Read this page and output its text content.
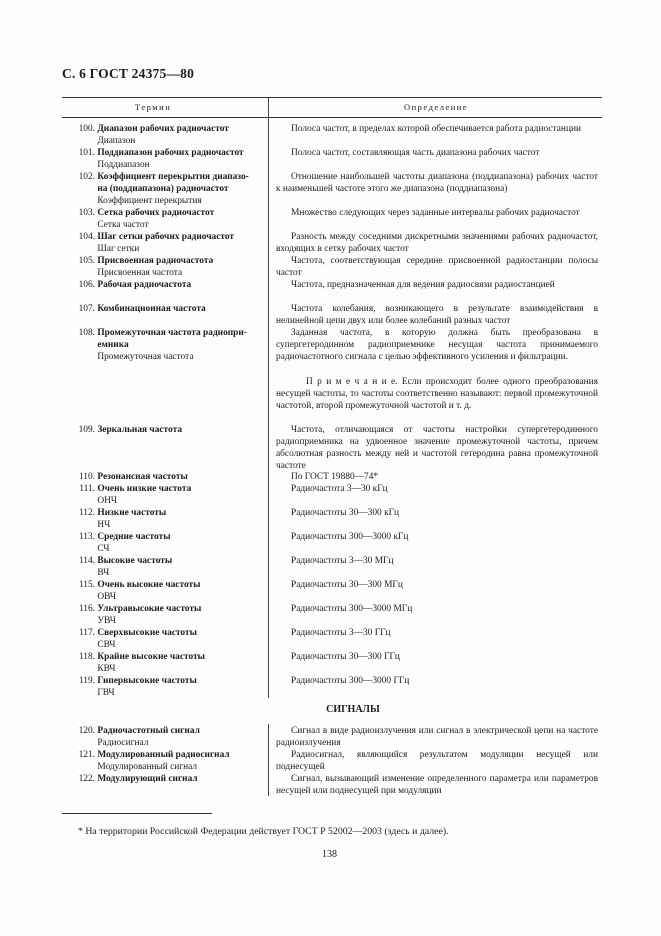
С. 6 ГОСТ 24375—80
Термин	Определение
100. Диапазон рабочих радиочастот
Диапазон
101. Поддиапазон рабочих радиочастот
Поддиапазон
102. Коэффициент перекрытия диапазо-
на (поддиапазона) радиочастот
Коэффициент перекрытия
103. Сетка рабочих радиочастот
Сетка частот
104. Шаг сетки рабочих радиочастот
Шаг сетки
105. Присвоенная радиочастота
Присвоенная частота
106. Рабочая радиочастота
107. Комбинационная частота
108. Промежуточная частота радиопри-
емника
Промежуточная частота
109. Зеркальная частота
110. Резонансная частоты
111. Очень низкие частота
ОНЧ
112. Низкие частоты
НЧ
113. Средние частоты
СЧ
114. Высокие частоты
ВЧ
115. Очень высокие частоты
ОВЧ
116. Ультравысокие частоты
УВЧ
117. Сверхвысокие частоты
СВЧ
118. Крайне высокие частоты
КВЧ
119. Гипервысокие частоты
ГВЧ
120. Радиочастотный сигнал
Радиосигнал
121. Модулированный радиосигнал
Модулированный сигнал
122. Модулирующий сигнал
Полоса частот, в пределах которой обеспечивается работа радиостанции
Полоса частот, составляющая часть диапазона рабочих частот
Отношение наибольшей частоты диапазона (поддиапазона) рабочих частот к наименьшей частоте этого же диапазона (поддиапазона)
Множество следующих через заданные интервалы рабочих радиочастот
Разность между соседними дискретными значениями рабочих радиочастот, входящих в сетку рабочих частот
Частота, соответствующая середине присвоенной радиостанции полосы частот
Частота, предназначенная для ведения радиосвязи радиостанцией
Частота колебания, возникающего в результате взаимодействия в нелинейной цепи двух или более колебаний разных частот
Заданная частота, в которую должна быть преобразована в супергетеродинном радиоприемнике несущая частота принимаемого радиочастотного сигнала с целью эффективного усиления и фильтрации.
П р и м е ч а н и е. Если происходит более одного преобразования несущей частоты, то частоты соответственно называют: первой промежуточной частотой, второй промежуточной частотой и т. д.
Частота, отличающаяся от частоты настройки супергетеродинного радиоприемника на удвоенное значение промежуточной частоты, причем абсолютная разность между ней и частотой гетеродина равна промежуточной частоте
По ГОСТ 19880—74*
Радиочастота 3—30 кГц
Радиочастоты 30—300 кГц
Радиочастоты 300—3000 кГц
Радиочастоты 3—30 МГц
Радиочастоты 30—300 МГц
Радиочастоты 300—3000 МГц
Радиочастоты 3—30 ГГц
Радиочастоты 30—300 ГГц
Радиочастоты 300—3000 ГГц
Сигнал в виде радиоизлучения или сигнал в электрической цепи на частоте радиоизлучения
Радиосигнал, являющийся результатом модуляции несущей или поднесущей
Сигнал, вызывающий изменение определенного параметра или параметров несущей или поднесущей при модуляции
СИГНАЛЫ
* На территории Российской Федерации действует ГОСТ Р 52002—2003 (здесь и далее).
138
